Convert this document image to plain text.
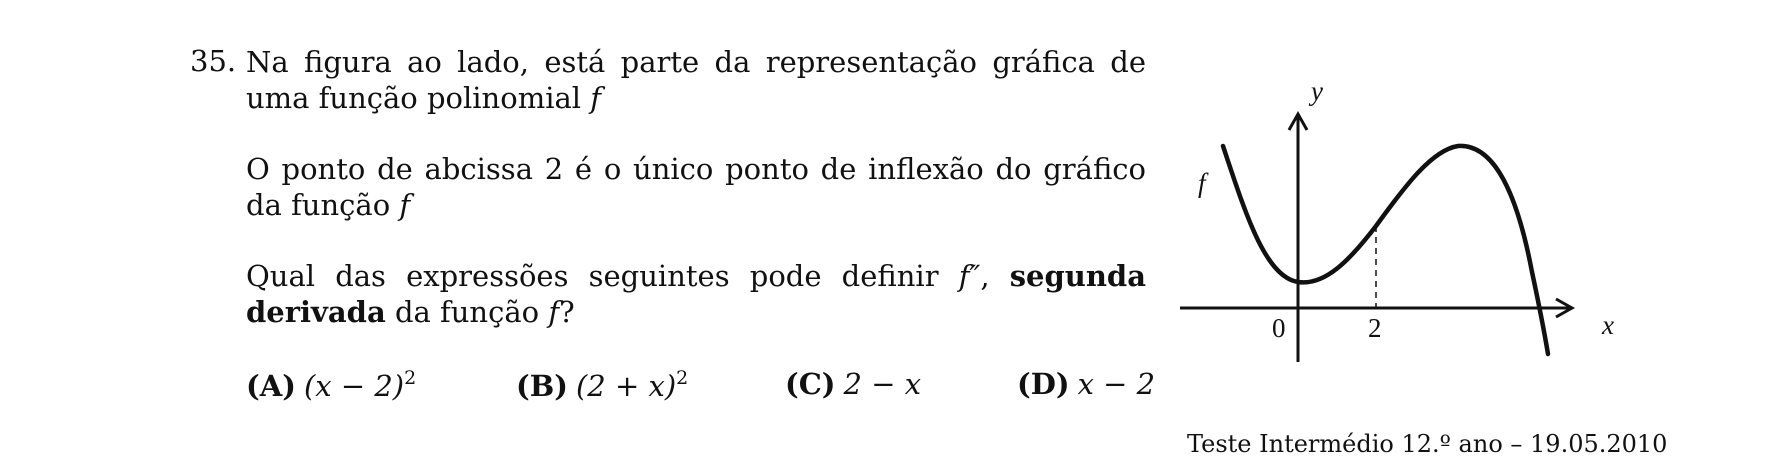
35. Na figura ao lado, está parte da representação gráfica de uma função polinomial f
O ponto de abcissa 2 é o único ponto de inflexão do gráfico da função f
Qual das expressões seguintes pode definir f″, segunda derivada da função f?
(A) $(x - 2)^2$	(B) $(2 + x)^2$	(C) 2 − x	(D) x − 2
y
x
f
0	2
Teste Intermédio 12.º ano – 19.05.2010
